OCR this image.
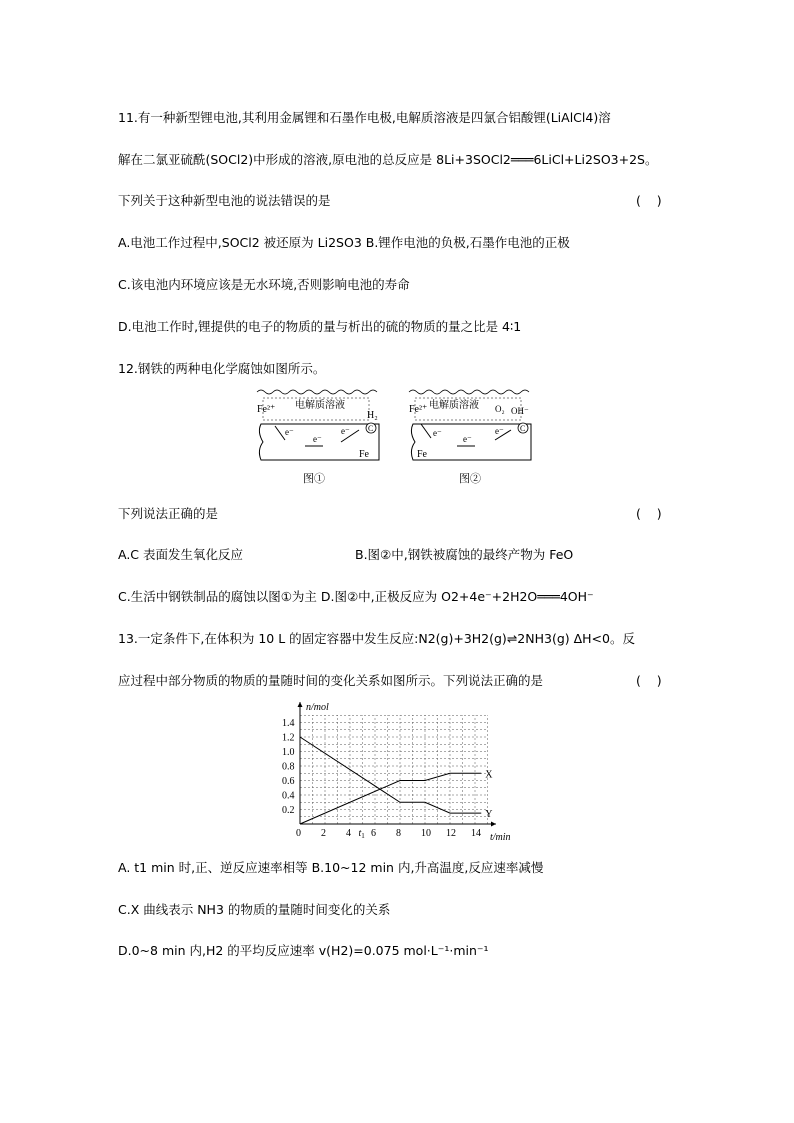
11.有一种新型锂电池,其利用金属锂和石墨作电极,电解质溶液是四氯合铝酸锂(LiAlCl4)溶
解在二氯亚硫酰(SOCl2)中形成的溶液,原电池的总反应是 8Li+3SOCl2═══6LiCl+Li2SO3+2S。
下列关于这种新型电池的说法错误的是	(    )
A.电池工作过程中,SOCl2 被还原为 Li2SO3 B.锂作电池的负极,石墨作电池的正极
C.该电池内环境应该是无水环境,否则影响电池的寿命
D.电池工作时,锂提供的电子的物质的量与析出的硫的物质的量之比是 4∶1
12.钢铁的两种电化学腐蚀如图所示。
电解质溶液
Fe²⁺
H₂
C
e⁻
e⁻
e⁻
Fe
图①
电解质溶液
Fe²⁺	O₂ OH⁻
C
e⁻
e⁻
e⁻
Fe
图②
下列说法正确的是	(    )
A.C 表面发生氧化反应	B.图②中,钢铁被腐蚀的最终产物为 FeO
C.生活中钢铁制品的腐蚀以图①为主 D.图②中,正极反应为 O2+4e⁻+2H2O═══4OH⁻
13.一定条件下,在体积为 10 L 的固定容器中发生反应:N2(g)+3H2(g)⇌2NH3(g) ΔH<0。反
应过程中部分物质的物质的量随时间的变化关系如图所示。下列说法正确的是	(    )
n/mol
t/min
0 2 4 $t_1$ 6 8 10 12 14
0.2
0.4
0.6
0.8
1.0
1.2
1.4
X
Y
A. t1 min 时,正、逆反应速率相等 B.10~12 min 内,升高温度,反应速率减慢
C.X 曲线表示 NH3 的物质的量随时间变化的关系
D.0~8 min 内,H2 的平均反应速率 v(H2)=0.075 mol·L⁻¹·min⁻¹
